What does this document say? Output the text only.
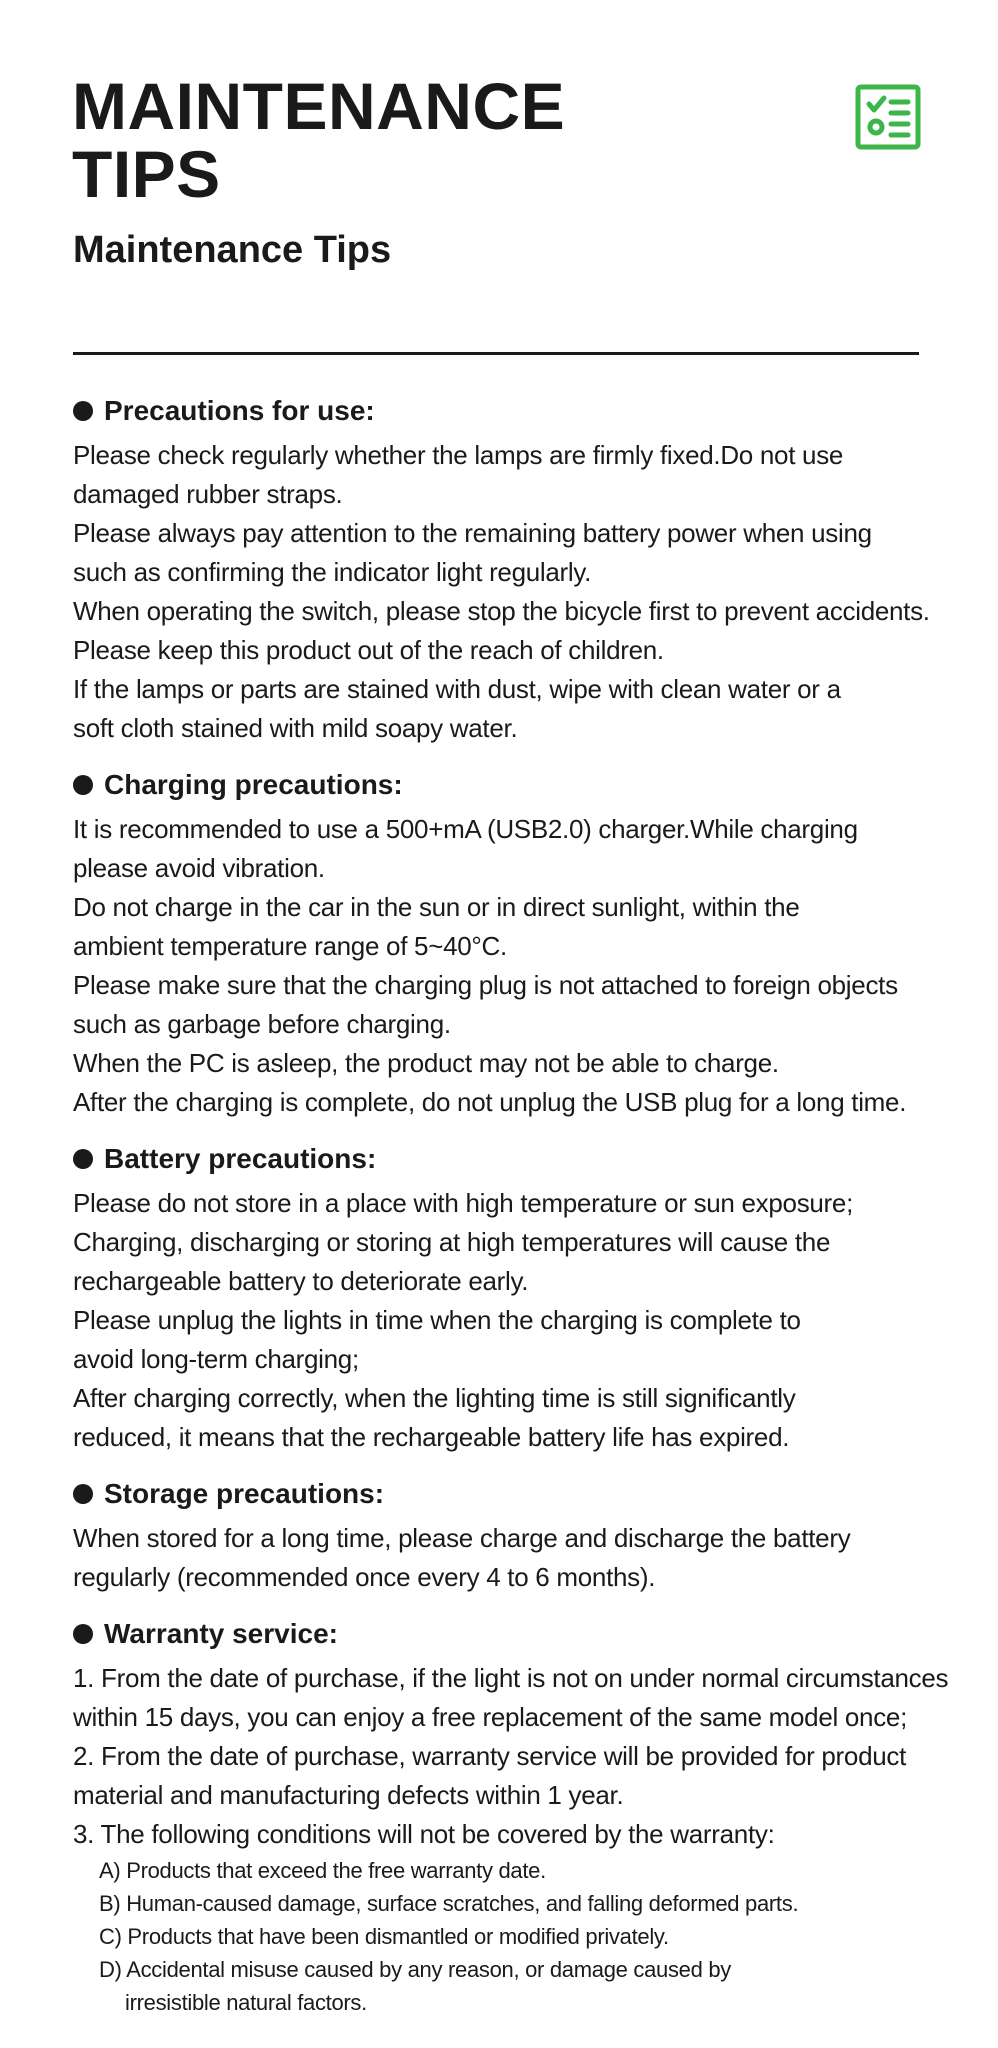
MAINTENANCE
TIPS
Maintenance Tips
Precautions for use:

Please check regularly whether the lamps are firmly fixed.Do not use

damaged rubber straps.

Please always pay attention to the remaining battery power when using

such as confirming the indicator light regularly.

When operating the switch, please stop the bicycle first to prevent accidents.

Please keep this product out of the reach of children.

If the lamps or parts are stained with dust, wipe with clean water or a

soft cloth stained with mild soapy water.

Charging precautions:

It is recommended to use a 500+mA (USB2.0) charger.While charging

please avoid vibration.

Do not charge in the car in the sun or in direct sunlight, within the

ambient temperature range of 5~40°C.

Please make sure that the charging plug is not attached to foreign objects

such as garbage before charging.

When the PC is asleep, the product may not be able to charge.

After the charging is complete, do not unplug the USB plug for a long time.

Battery precautions:

Please do not store in a place with high temperature or sun exposure;

Charging, discharging or storing at high temperatures will cause the

rechargeable battery to deteriorate early.

Please unplug the lights in time when the charging is complete to

avoid long-term charging;

After charging correctly, when the lighting time is still significantly

reduced, it means that the rechargeable battery life has expired.

Storage precautions:

When stored for a long time, please charge and discharge the battery

regularly (recommended once every 4 to 6 months).

Warranty service:

1. From the date of purchase, if the light is not on under normal circumstances

within 15 days, you can enjoy a free replacement of the same model once;

2. From the date of purchase, warranty service will be provided for product

material and manufacturing defects within 1 year.

3. The following conditions will not be covered by the warranty:

A) Products that exceed the free warranty date.

B) Human-caused damage, surface scratches, and falling deformed parts.

C) Products that have been dismantled or modified privately.

D) Accidental misuse caused by any reason, or damage caused by

irresistible natural factors.
